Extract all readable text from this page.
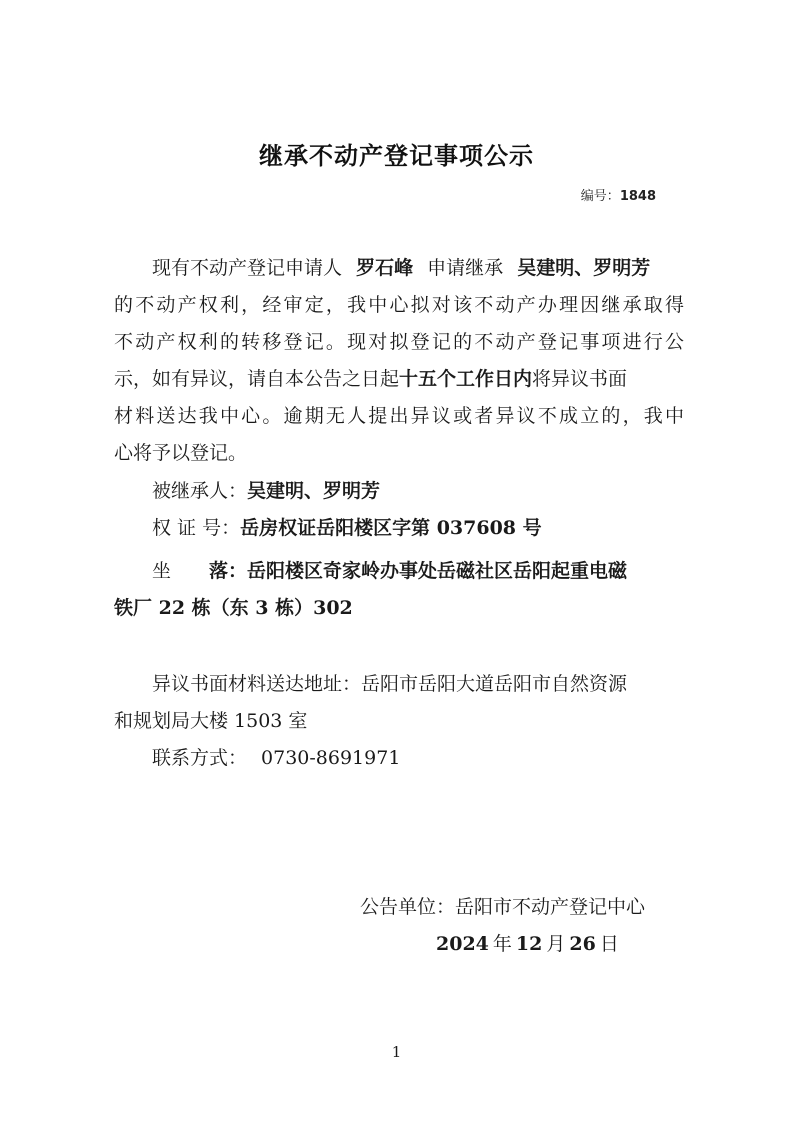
继承不动产登记事项公示
编号：1848
现有不动产登记申请人 罗石峰 申请继承 吴建明、罗明芳
的不动产权利，经审定，我中心拟对该不动产办理因继承取得
不动产权利的转移登记。现对拟登记的不动产登记事项进行公
示，如有异议，请自本公告之日起十五个工作日内将异议书面
材料送达我中心。逾期无人提出异议或者异议不成立的，我中
心将予以登记。
被继承人：吴建明、罗明芳
权 证 号：岳房权证岳阳楼区字第 037608 号
坐 落：岳阳楼区奇家岭办事处岳磁社区岳阳起重电磁
铁厂 22 栋（东 3 栋）302
异议书面材料送达地址：岳阳市岳阳大道岳阳市自然资源
和规划局大楼 1503 室
联系方式： 0730-8691971
公告单位：岳阳市不动产登记中心
2024 年 12 月 26 日
1
